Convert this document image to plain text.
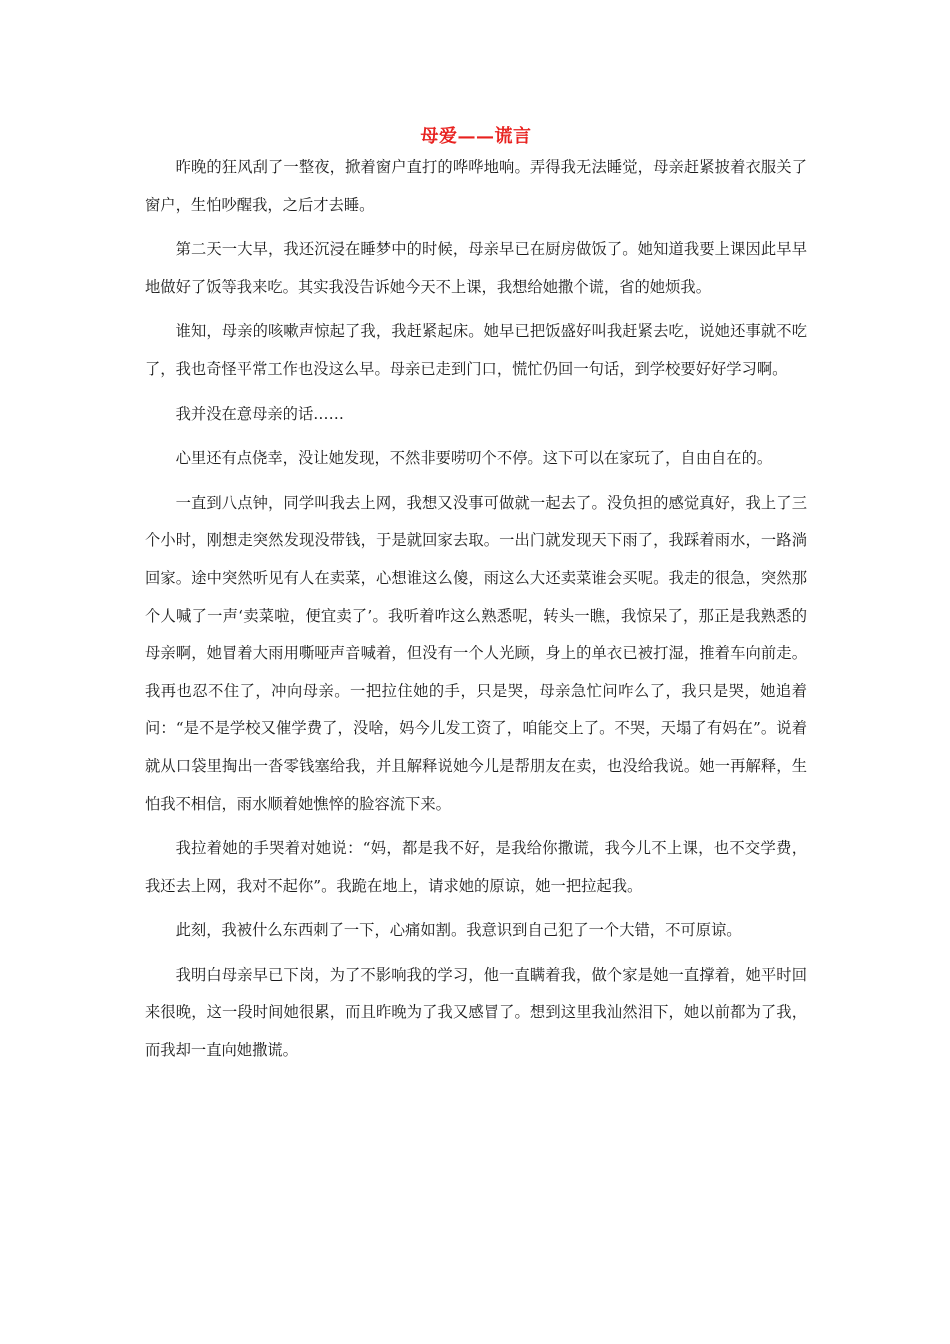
母爱——谎言

昨晚的狂风刮了一整夜，掀着窗户直打的哗哗地响。弄得我无法睡觉，母亲赶紧披着衣服关了窗户，生怕吵醒我，之后才去睡。

第二天一大早，我还沉浸在睡梦中的时候，母亲早已在厨房做饭了。她知道我要上课因此早早地做好了饭等我来吃。其实我没告诉她今天不上课，我想给她撒个谎，省的她烦我。

谁知，母亲的咳嗽声惊起了我，我赶紧起床。她早已把饭盛好叫我赶紧去吃，说她还事就不吃了，我也奇怪平常工作也没这么早。母亲已走到门口，慌忙仍回一句话，到学校要好好学习啊。

我并没在意母亲的话……

心里还有点侥幸，没让她发现，不然非要唠叨个不停。这下可以在家玩了，自由自在的。

一直到八点钟，同学叫我去上网，我想又没事可做就一起去了。没负担的感觉真好，我上了三个小时，刚想走突然发现没带钱，于是就回家去取。一出门就发现天下雨了，我踩着雨水，一路淌回家。途中突然听见有人在卖菜，心想谁这么傻，雨这么大还卖菜谁会买呢。我走的很急，突然那个人喊了一声‘卖菜啦，便宜卖了’。我听着咋这么熟悉呢，转头一瞧，我惊呆了，那正是我熟悉的母亲啊，她冒着大雨用嘶哑声音喊着，但没有一个人光顾，身上的单衣已被打湿，推着车向前走。我再也忍不住了，冲向母亲。一把拉住她的手，只是哭，母亲急忙问咋么了，我只是哭，她追着问：“是不是学校又催学费了，没啥，妈今儿发工资了，咱能交上了。不哭，天塌了有妈在”。说着就从口袋里掏出一沓零钱塞给我，并且解释说她今儿是帮朋友在卖，也没给我说。她一再解释，生怕我不相信，雨水顺着她憔悴的脸容流下来。

我拉着她的手哭着对她说：“妈，都是我不好，是我给你撒谎，我今儿不上课，也不交学费，我还去上网，我对不起你”。我跪在地上，请求她的原谅，她一把拉起我。

此刻，我被什么东西刺了一下，心痛如割。我意识到自己犯了一个大错，不可原谅。

我明白母亲早已下岗，为了不影响我的学习，他一直瞒着我，做个家是她一直撑着，她平时回来很晚，这一段时间她很累，而且昨晚为了我又感冒了。想到这里我汕然泪下，她以前都为了我，而我却一直向她撒谎。
